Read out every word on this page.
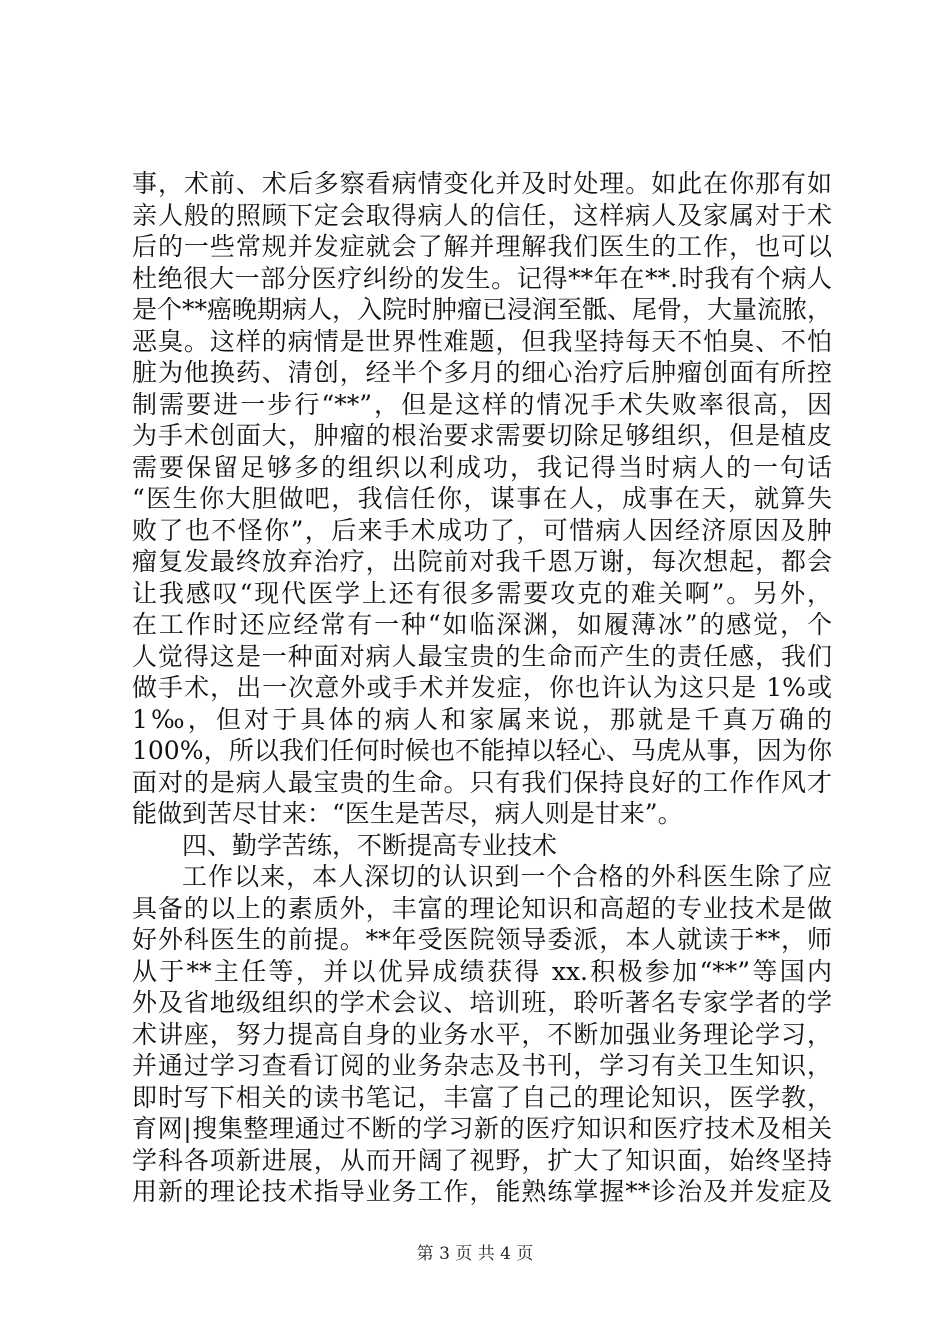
事，术前、术后多察看病情变化并及时处理。如此在你那有如
亲人般的照顾下定会取得病人的信任，这样病人及家属对于术
后的一些常规并发症就会了解并理解我们医生的工作，也可以
杜绝很大一部分医疗纠纷的发生。记得**年在**.时我有个病人
是个**癌晚期病人，入院时肿瘤已浸润至骶、尾骨，大量流脓，
恶臭。这样的病情是世界性难题，但我坚持每天不怕臭、不怕
脏为他换药、清创，经半个多月的细心治疗后肿瘤创面有所控
制需要进一步行“**”，但是这样的情况手术失败率很高，因
为手术创面大，肿瘤的根治要求需要切除足够组织，但是植皮
需要保留足够多的组织以利成功，我记得当时病人的一句话
“医生你大胆做吧，我信任你，谋事在人，成事在天，就算失
败了也不怪你”，后来手术成功了，可惜病人因经济原因及肿
瘤复发最终放弃治疗，出院前对我千恩万谢，每次想起，都会
让我感叹“现代医学上还有很多需要攻克的难关啊”。另外，
在工作时还应经常有一种“如临深渊，如履薄冰”的感觉，个
人觉得这是一种面对病人最宝贵的生命而产生的责任感，我们
做手术，出一次意外或手术并发症，你也许认为这只是 1%或
1‰，但对于具体的病人和家属来说，那就是千真万确的
100%，所以我们任何时候也不能掉以轻心、马虎从事，因为你
面对的是病人最宝贵的生命。只有我们保持良好的工作作风才
能做到苦尽甘来：“医生是苦尽，病人则是甘来”。
四、勤学苦练，不断提高专业技术
工作以来，本人深切的认识到一个合格的外科医生除了应
具备的以上的素质外，丰富的理论知识和高超的专业技术是做
好外科医生的前提。**年受医院领导委派，本人就读于**，师
从于**主任等，并以优异成绩获得 xx.积极参加“**”等国内
外及省地级组织的学术会议、培训班，聆听著名专家学者的学
术讲座，努力提高自身的业务水平，不断加强业务理论学习，
并通过学习查看订阅的业务杂志及书刊，学习有关卫生知识，
即时写下相关的读书笔记，丰富了自己的理论知识，医学教，
育网|搜集整理通过不断的学习新的医疗知识和医疗技术及相关
学科各项新进展，从而开阔了视野，扩大了知识面，始终坚持
用新的理论技术指导业务工作，能熟练掌握**诊治及并发症及
第 3 页 共 4 页
